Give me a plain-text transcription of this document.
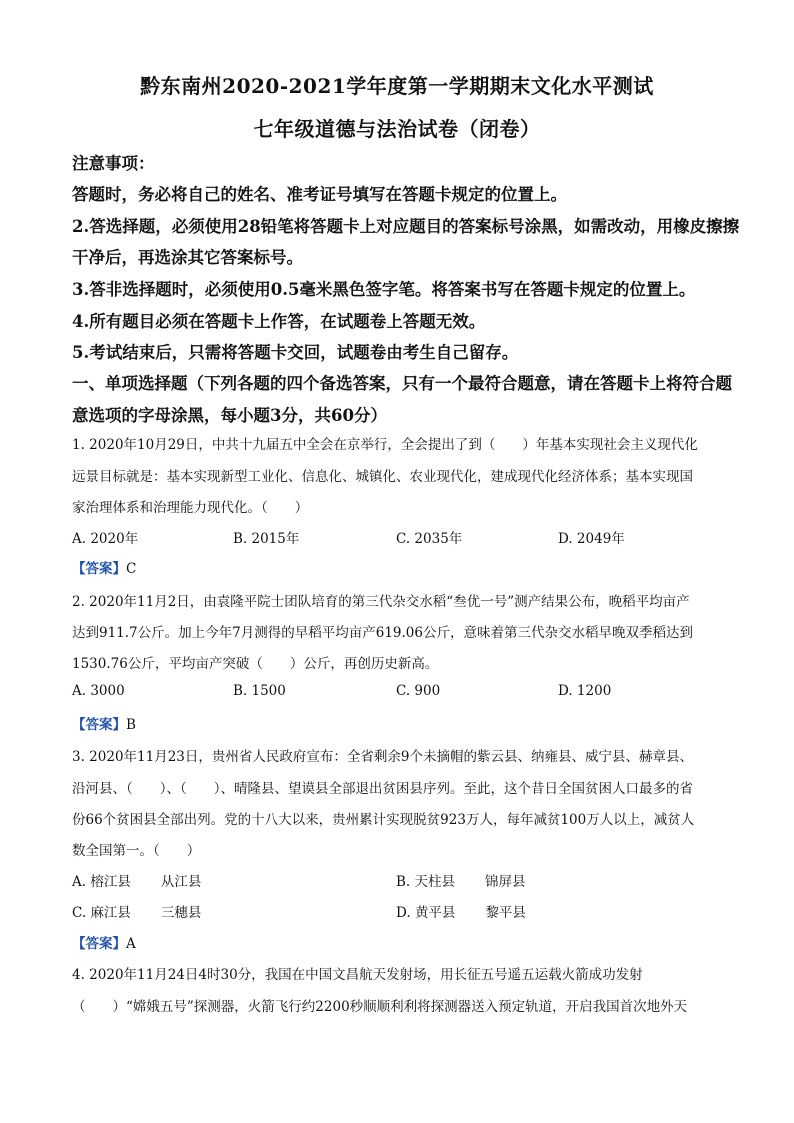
黔东南州2020-2021学年度第一学期期末文化水平测试
七年级道德与法治试卷（闭卷）
注意事项：
答题时，务必将自己的姓名、准考证号填写在答题卡规定的位置上。
2.答选择题，必须使用28铅笔将答题卡上对应题目的答案标号涂黑，如需改动，用橡皮擦擦
干净后，再选涂其它答案标号。
3.答非选择题时，必须使用0.5毫米黑色签字笔。将答案书写在答题卡规定的位置上。
4.所有题目必须在答题卡上作答，在试题卷上答题无效。
5.考试结束后，只需将答题卡交回，试题卷由考生自己留存。
一、单项选择题（下列各题的四个备选答案，只有一个最符合题意，请在答题卡上将符合题
意选项的字母涂黑，每小题3分，共60分）
1. 2020年10月29日，中共十九届五中全会在京举行，全会提出了到（　　）年基本实现社会主义现代化
远景目标就是：基本实现新型工业化、信息化、城镇化、农业现代化，建成现代化经济体系；基本实现国
家治理体系和治理能力现代化。（　　）
A. 2020年	B. 2015年	C. 2035年	D. 2049年
【答案】C
2. 2020年11月2日，由袁隆平院士团队培育的第三代杂交水稻“叁优一号”测产结果公布，晚稻平均亩产
达到911.7公斤。加上今年7月测得的早稻平均亩产619.06公斤，意味着第三代杂交水稻早晚双季稻达到
1530.76公斤，平均亩产突破（　　）公斤，再创历史新高。
A. 3000	B. 1500	C. 900	D. 1200
【答案】B
3. 2020年11月23日，贵州省人民政府宣布：全省剩余9个未摘帽的紫云县、纳雍县、威宁县、赫章县、
沿河县、（　　）、（　　）、晴隆县、望谟县全部退出贫困县序列。至此，这个昔日全国贫困人口最多的省
份66个贫困县全部出列。党的十八大以来，贵州累计实现脱贫923万人，每年减贫100万人以上，减贫人
数全国第一。（　　）
A. 榕江县 从江县	B. 天柱县 锦屏县
C. 麻江县 三穗县	D. 黄平县 黎平县
【答案】A
4. 2020年11月24日4时30分，我国在中国文昌航天发射场，用长征五号遥五运载火箭成功发射
（　　）“嫦娥五号”探测器，火箭飞行约2200秒顺顺利利将探测器送入预定轨道，开启我国首次地外天
